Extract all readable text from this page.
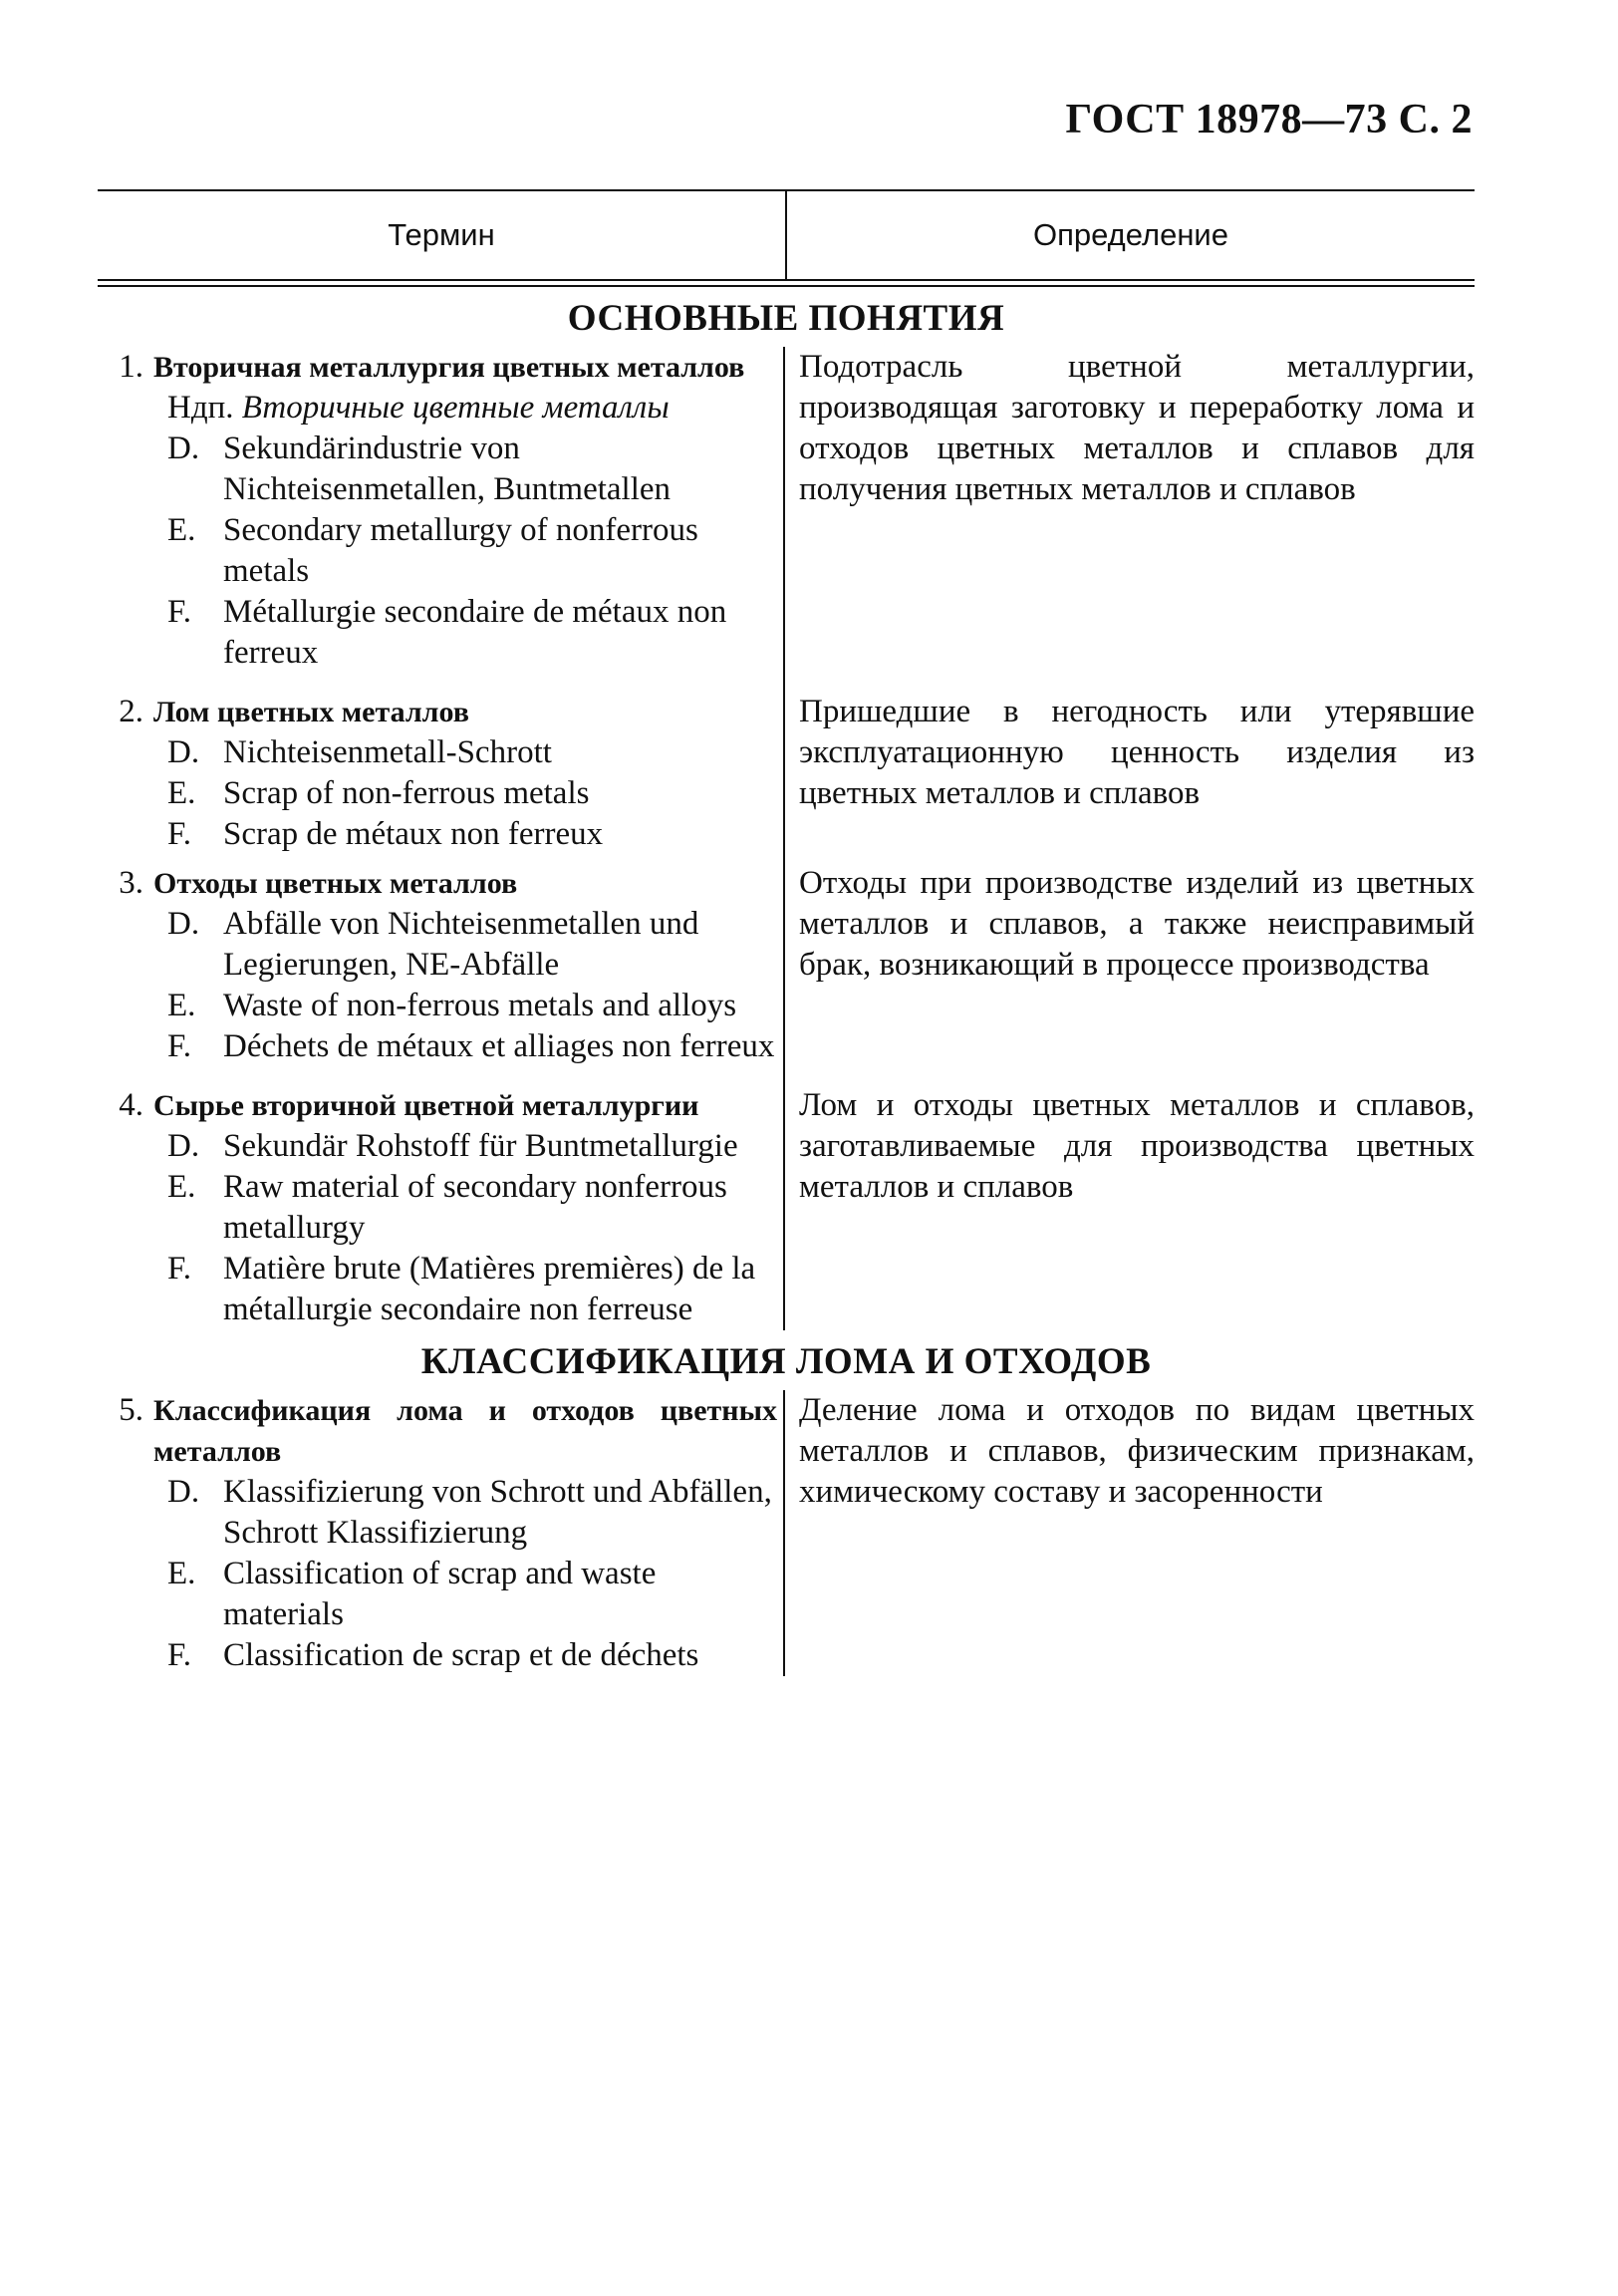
ГОСТ 18978—73 С. 2
Термин	Определение
ОСНОВНЫЕ ПОНЯТИЯ
1. Вторичная металлургия цветных металлов
Ндп. Вторичные цветные металлы
D. Sekundärindustrie von Nichteisenmetallen, Buntmetallen
E. Secondary metallurgy of nonferrous metals
F. Métallurgie secondaire de métaux non ferreux
Подотрасль цветной металлургии, производящая заготовку и переработку лома и отходов цветных металлов и сплавов для получения цветных металлов и сплавов
2. Лом цветных металлов
D. Nichteisenmetall-Schrott
E. Scrap of non-ferrous metals
F. Scrap de métaux non ferreux
Пришедшие в негодность или утерявшие эксплуатационную ценность изделия из цветных металлов и сплавов
3. Отходы цветных металлов
D. Abfälle von Nichteisenmetallen und Legierungen, NE-Abfälle
E. Waste of non-ferrous metals and alloys
F. Déchets de métaux et alliages non ferreux
Отходы при производстве изделий из цветных металлов и сплавов, а также неисправимый брак, возникающий в процессе производства
4. Сырье вторичной цветной металлургии
D. Sekundär Rohstoff für Buntmetallurgie
E. Raw material of secondary nonferrous metallurgy
F. Matière brute (Matières premières) de la métallurgie secondaire non ferreuse
Лом и отходы цветных металлов и сплавов, заготавливаемые для производства цветных металлов и сплавов
КЛАССИФИКАЦИЯ ЛОМА И ОТХОДОВ
5. Классификация лома и отходов цветных металлов
D. Klassifizierung von Schrott und Abfällen, Schrott Klassifizierung
E. Classification of scrap and waste materials
F. Classification de scrap et de déchets
Деление лома и отходов по видам цветных металлов и сплавов, физическим признакам, химическому составу и засоренности
